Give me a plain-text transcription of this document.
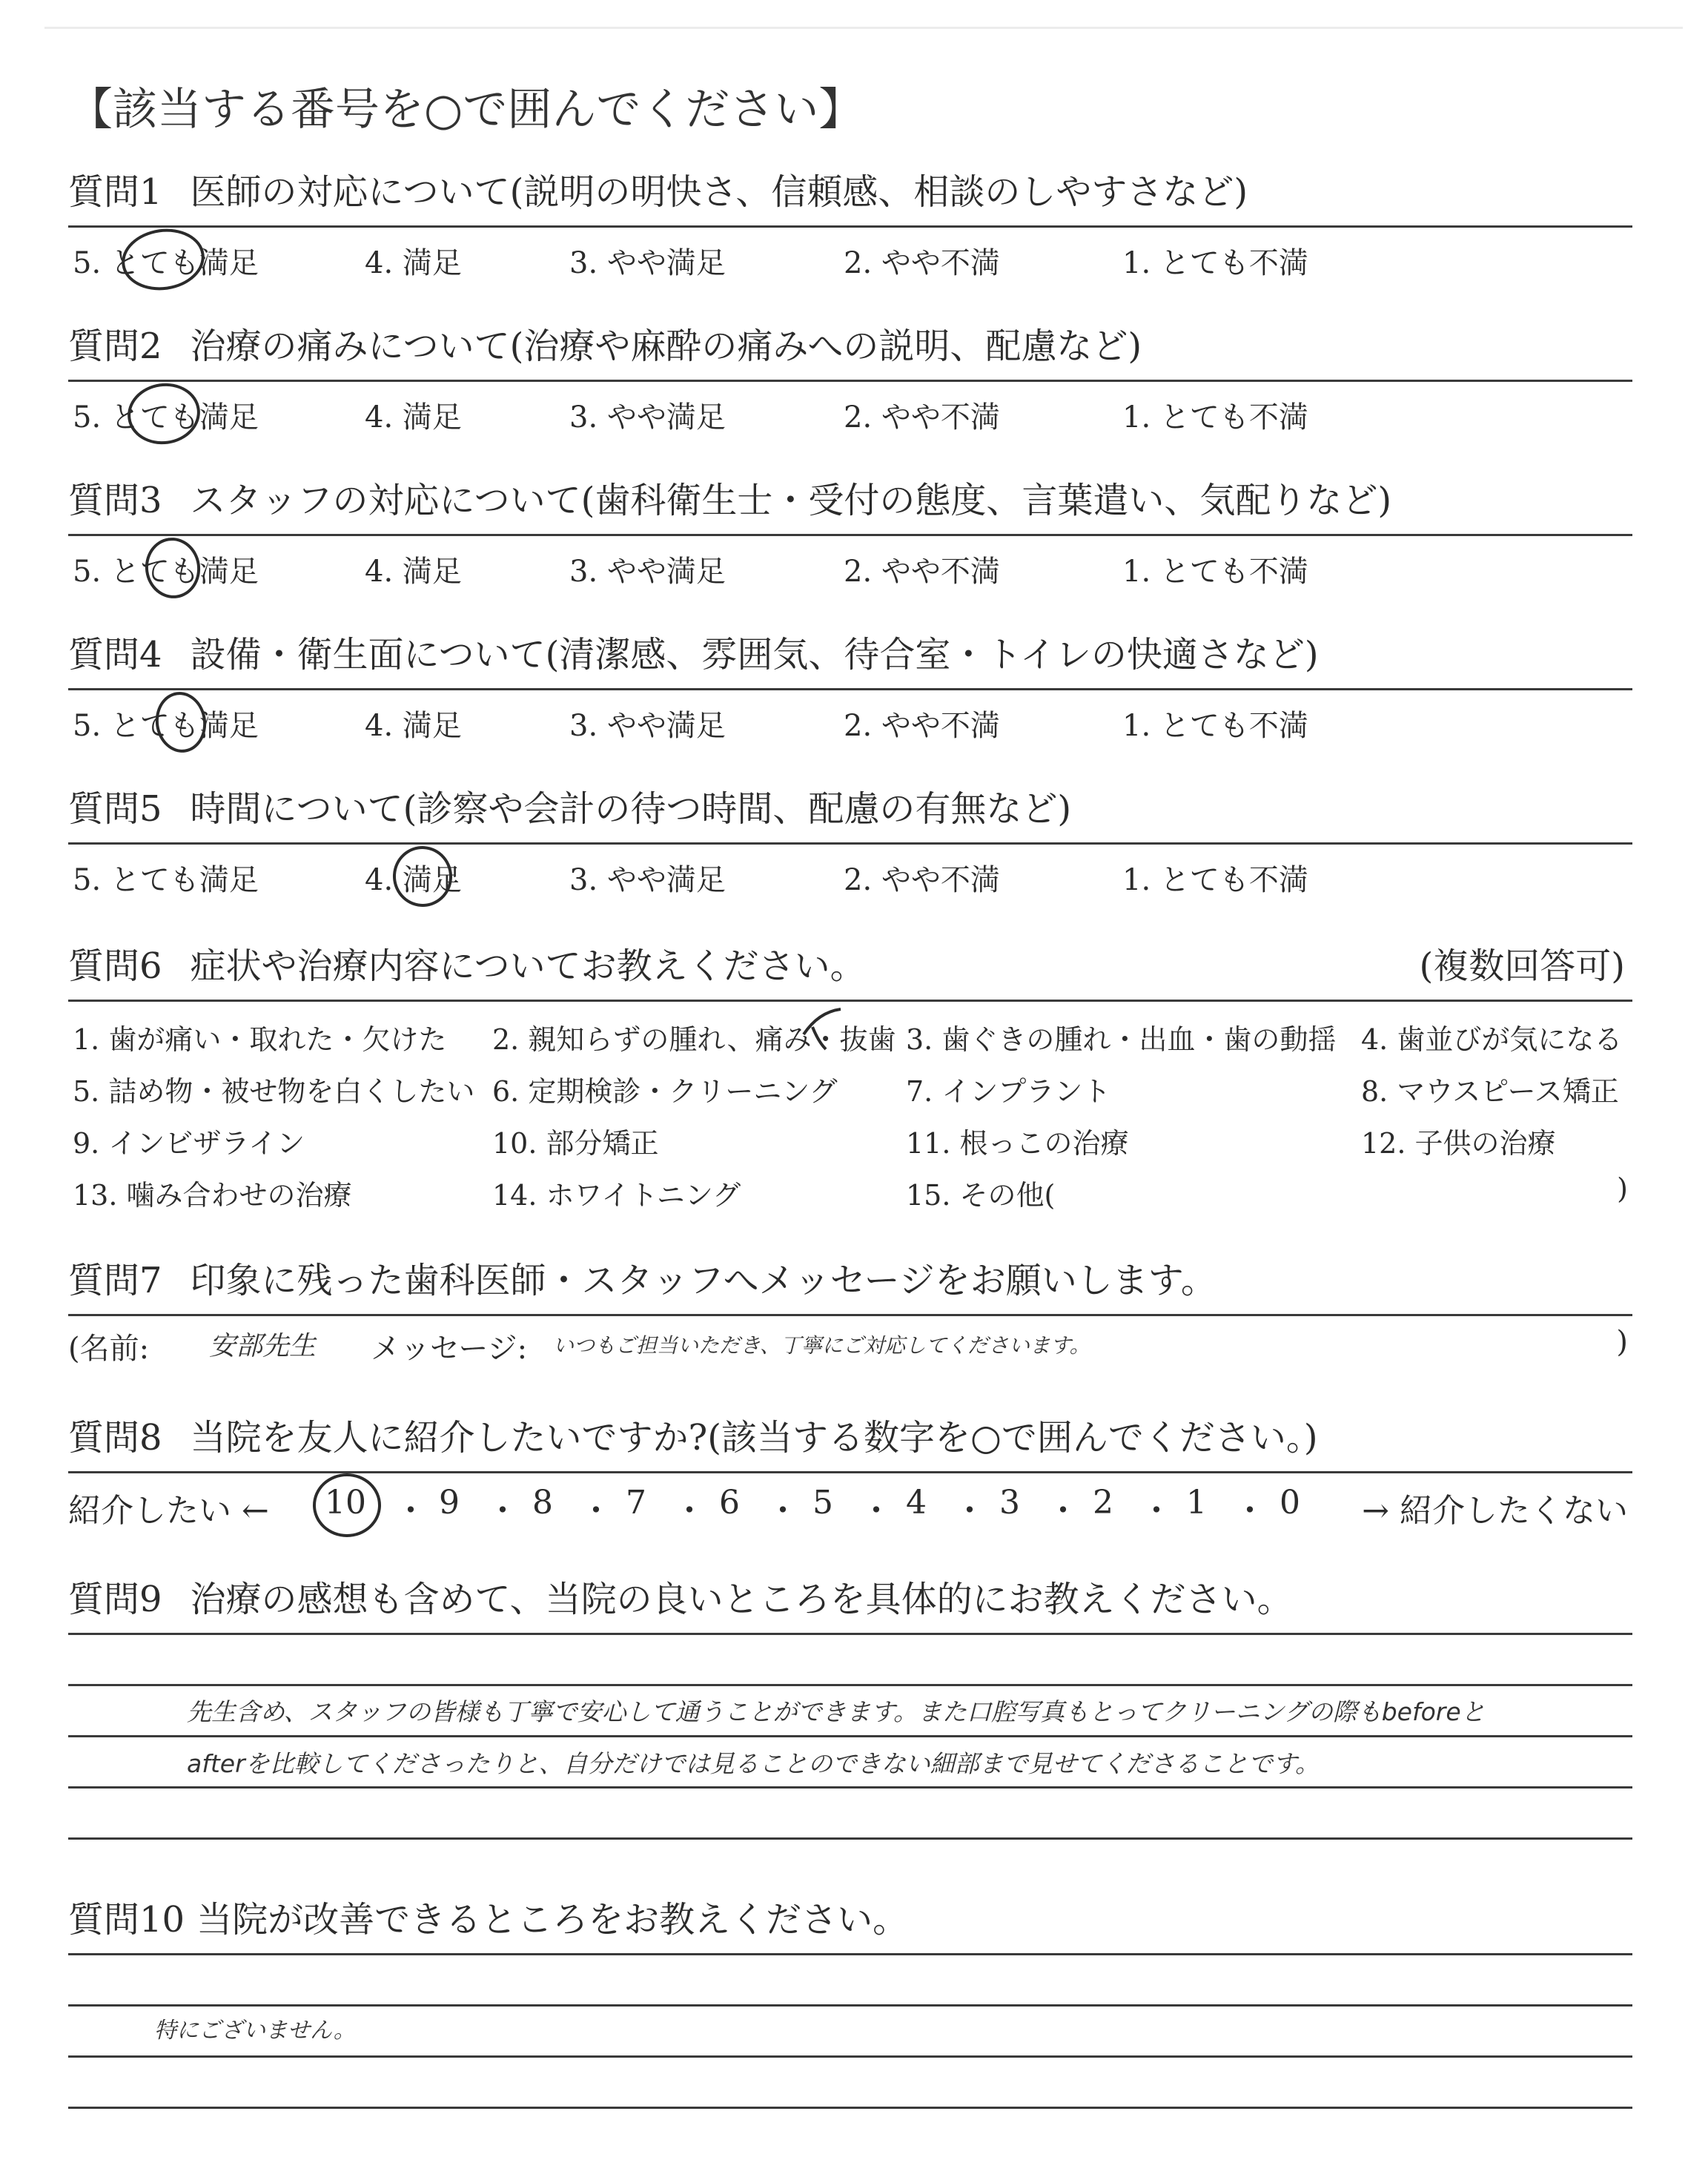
【該当する番号を○で囲んでください】
質問1 医師の対応について(説明の明快さ、信頼感、相談のしやすさなど)
5. とても満足	4. 満足	3. やや満足	2. やや不満	1. とても不満
質問2 治療の痛みについて(治療や麻酔の痛みへの説明、配慮など)
5. とても満足	4. 満足	3. やや満足	2. やや不満	1. とても不満
質問3 スタッフの対応について(歯科衛生士・受付の態度、言葉遣い、気配りなど)
5. とても満足	4. 満足	3. やや満足	2. やや不満	1. とても不満
質問4 設備・衛生面について(清潔感、雰囲気、待合室・トイレの快適さなど)
5. とても満足	4. 満足	3. やや満足	2. やや不満	1. とても不満
質問5 時間について(診察や会計の待つ時間、配慮の有無など)
5. とても満足	4. 満足	3. やや満足	2. やや不満	1. とても不満
質問6 症状や治療内容についてお教えください。	(複数回答可)
1. 歯が痛い・取れた・欠けた 2. 親知らずの腫れ、痛み・抜歯 3. 歯ぐきの腫れ・出血・歯の動揺 4. 歯並びが気になる
5. 詰め物・被せ物を白くしたい 6. 定期検診・クリーニング 7. インプラント	8. マウスピース矯正
9. インビザライン	10. 部分矯正	11. 根っこの治療	12. 子供の治療
13. 噛み合わせの治療	14. ホワイトニング	15. その他(	)
質問7 印象に残った歯科医師・スタッフへメッセージをお願いします。
(名前: 安部先生 メッセージ: いつもご担当いただき、丁寧にご対応してくださいます。	)
質問8 当院を友人に紹介したいですか?(該当する数字を○で囲んでください。)
紹介したい ← 10 ・ 9 ・ 8 ・ 7 ・ 6 ・ 5 ・ 4 ・ 3 ・ 2 ・ 1 ・ 0 → 紹介したくない
質問9 治療の感想も含めて、当院の良いところを具体的にお教えください。
先生含め、スタッフの皆様も丁寧で安心して通うことができます。また口腔写真もとってクリーニングの際もbeforeと
afterを比較してくださったりと、自分だけでは見ることのできない細部まで見せてくださることです。
質問10 当院が改善できるところをお教えください。
特にございません。
